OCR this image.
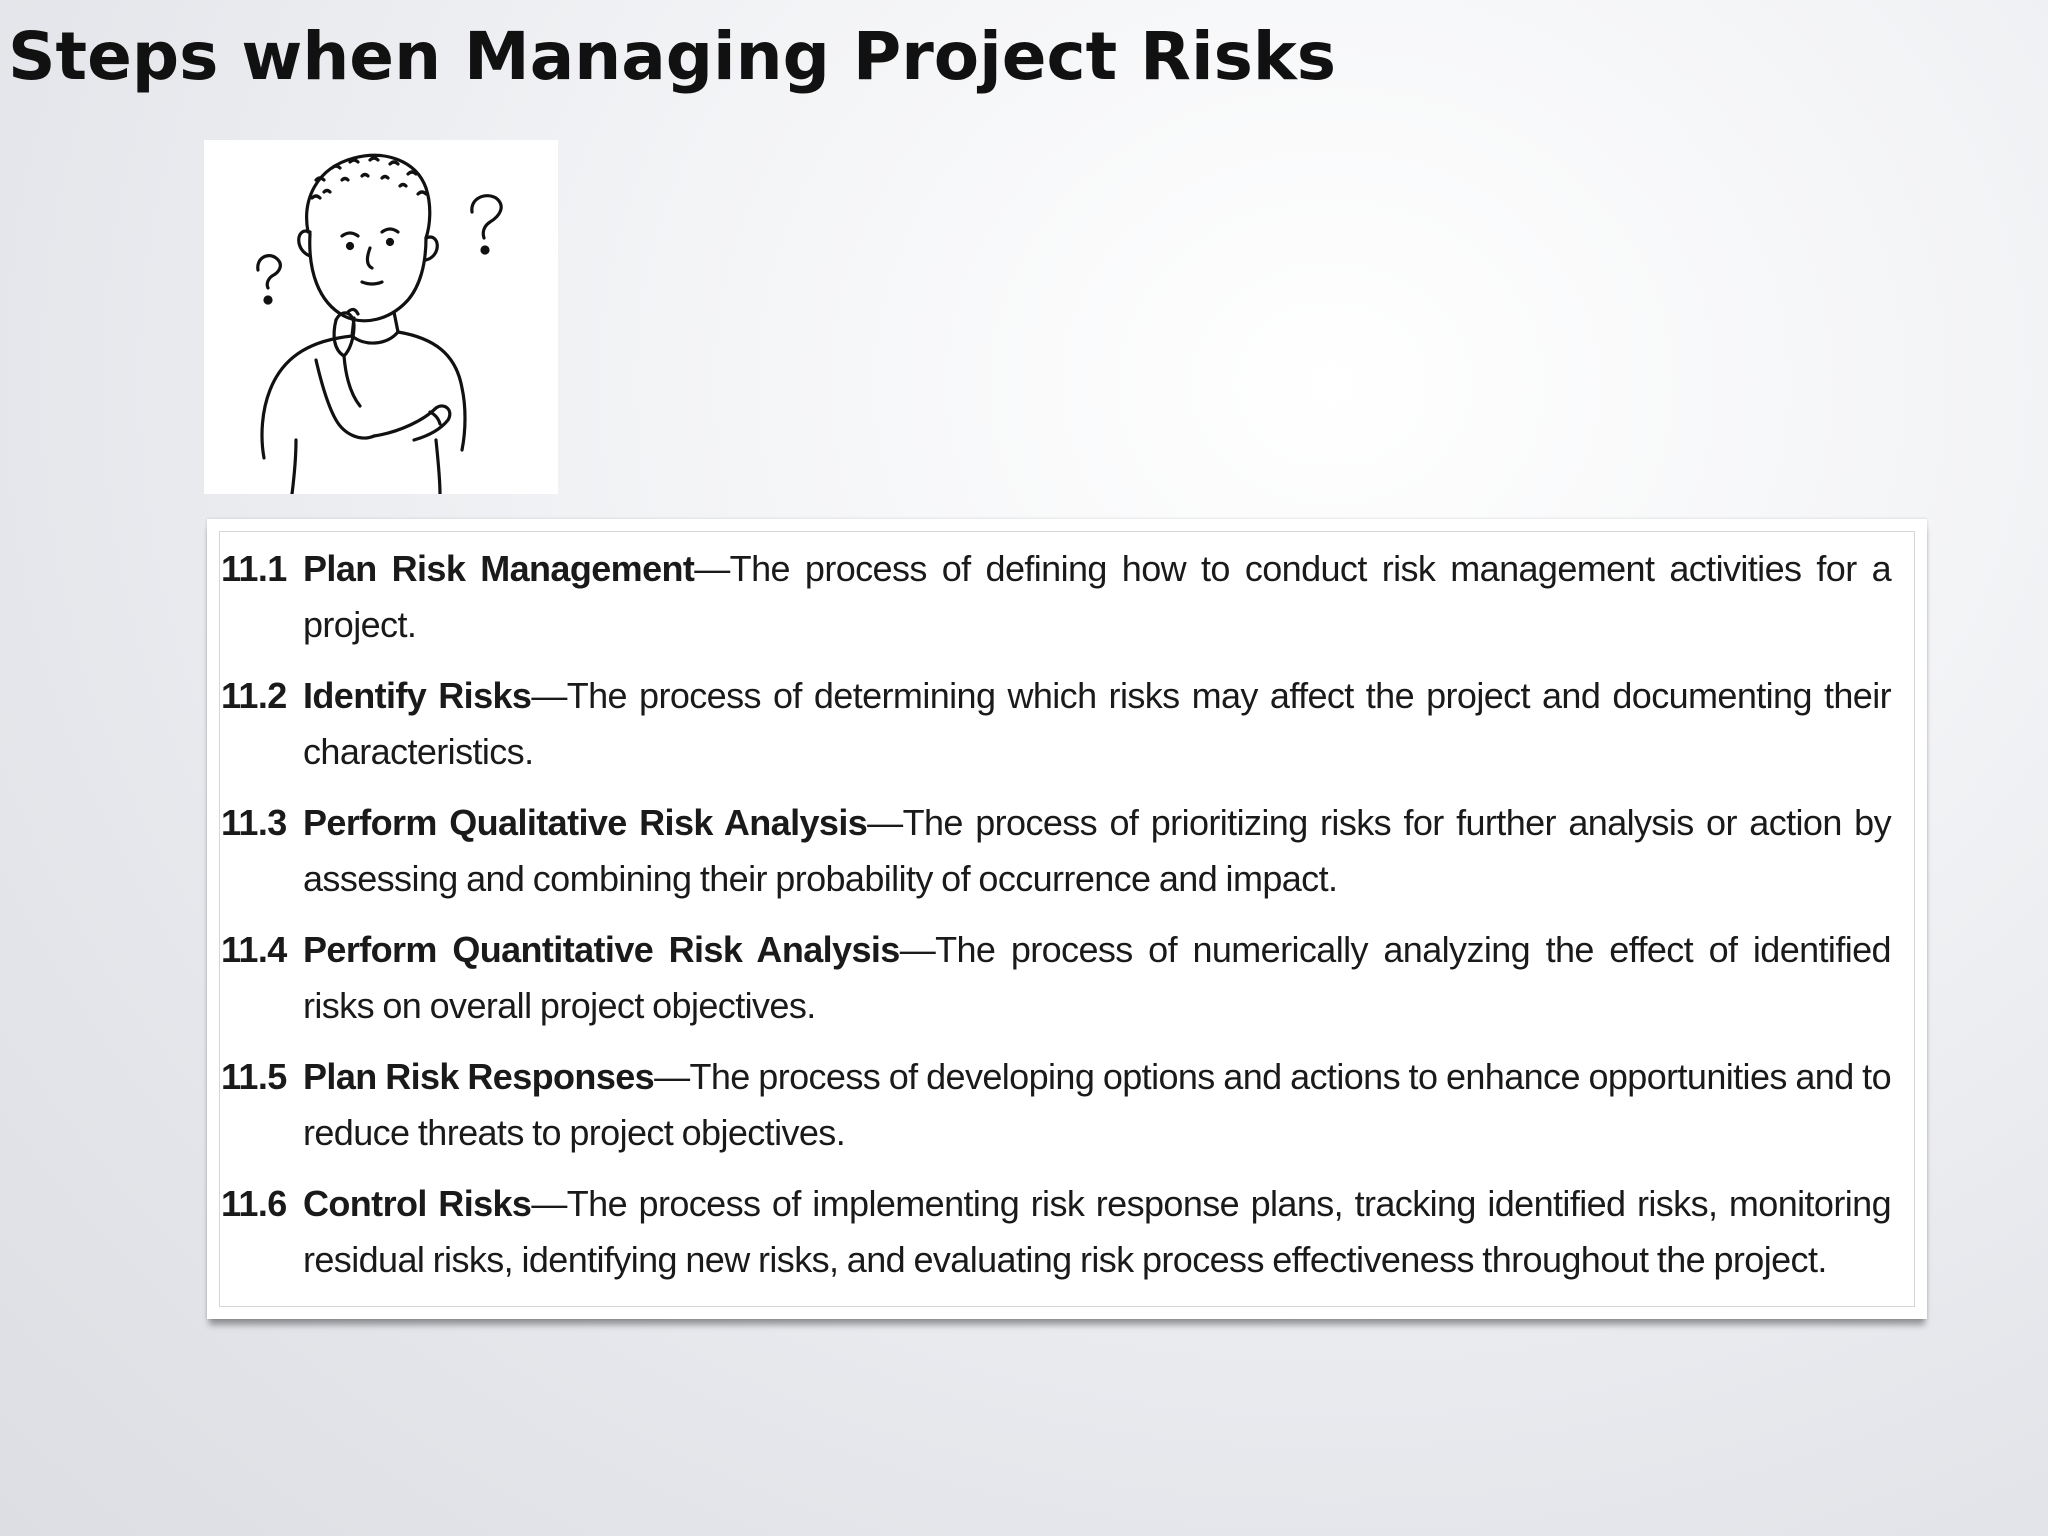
Steps when Managing Project Risks
11.1 Plan Risk Management—The process of defining how to conduct risk management activities for a project.
11.2 Identify Risks—The process of determining which risks may affect the project and documenting their characteristics.
11.3 Perform Qualitative Risk Analysis—The process of prioritizing risks for further analysis or action by assessing and combining their probability of occurrence and impact.
11.4 Perform Quantitative Risk Analysis—The process of numerically analyzing the effect of identified risks on overall project objectives.
11.5 Plan Risk Responses—The process of developing options and actions to enhance opportunities and to reduce threats to project objectives.
11.6 Control Risks—The process of implementing risk response plans, tracking identified risks, monitoring residual risks, identifying new risks, and evaluating risk process effectiveness throughout the project.
